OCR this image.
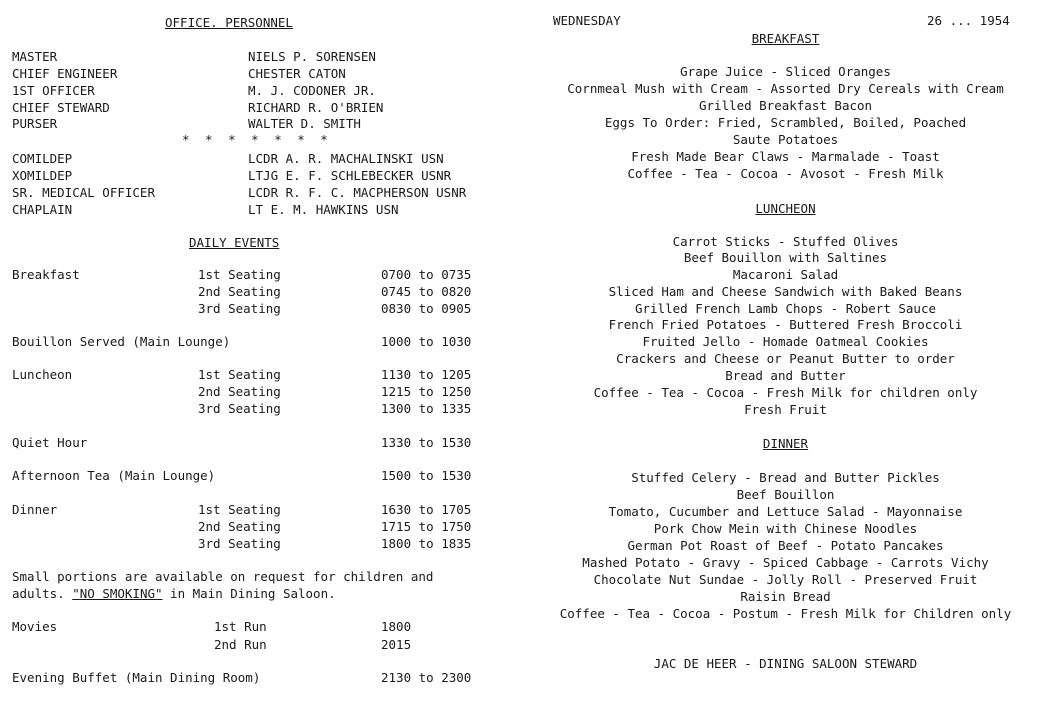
OFFICE. PERSONNEL
MASTER	NIELS P. SORENSEN
CHIEF ENGINEER	CHESTER CATON
1ST OFFICER	M. J. CODONER JR.
CHIEF STEWARD	RICHARD R. O'BRIEN
PURSER	WALTER D. SMITH
* * * * * * *
COMILDEP	LCDR A. R. MACHALINSKI USN
XOMILDEP	LTJG E. F. SCHLEBECKER USNR
SR. MEDICAL OFFICER	LCDR R. F. C. MACPHERSON USNR
CHAPLAIN	LT E. M. HAWKINS USN
DAILY EVENTS
Breakfast	1st Seating	0700 to 0735
2nd Seating	0745 to 0820
3rd Seating	0830 to 0905
Bouillon Served (Main Lounge)	1000 to 1030
Luncheon	1st Seating	1130 to 1205
2nd Seating	1215 to 1250
3rd Seating	1300 to 1335
Quiet Hour	1330 to 1530
Afternoon Tea (Main Lounge)	1500 to 1530
Dinner	1st Seating	1630 to 1705
2nd Seating	1715 to 1750
3rd Seating	1800 to 1835
Small portions are available on request for children and adults. "NO SMOKING" in Main Dining Saloon.
Movies	1st Run	1800
2nd Run	2015
Evening Buffet (Main Dining Room)	2130 to 2300
WEDNESDAY	26 ... 1954
BREAKFAST
Grape Juice - Sliced Oranges
Cornmeal Mush with Cream - Assorted Dry Cereals with Cream
Grilled Breakfast Bacon
Eggs To Order: Fried, Scrambled, Boiled, Poached
Saute Potatoes
Fresh Made Bear Claws - Marmalade - Toast
Coffee - Tea - Cocoa - Avosot - Fresh Milk
LUNCHEON
Carrot Sticks - Stuffed Olives
Beef Bouillon with Saltines
Macaroni Salad
Sliced Ham and Cheese Sandwich with Baked Beans
Grilled French Lamb Chops - Robert Sauce
French Fried Potatoes - Buttered Fresh Broccoli
Fruited Jello - Homade Oatmeal Cookies
Crackers and Cheese or Peanut Butter to order
Bread and Butter
Coffee - Tea - Cocoa - Fresh Milk for children only
Fresh Fruit
DINNER
Stuffed Celery - Bread and Butter Pickles
Beef Bouillon
Tomato, Cucumber and Lettuce Salad - Mayonnaise
Pork Chow Mein with Chinese Noodles
German Pot Roast of Beef - Potato Pancakes
Mashed Potato - Gravy - Spiced Cabbage - Carrots Vichy
Chocolate Nut Sundae - Jolly Roll - Preserved Fruit
Raisin Bread
Coffee - Tea - Cocoa - Postum - Fresh Milk for Children only
JAC DE HEER - DINING SALOON STEWARD
